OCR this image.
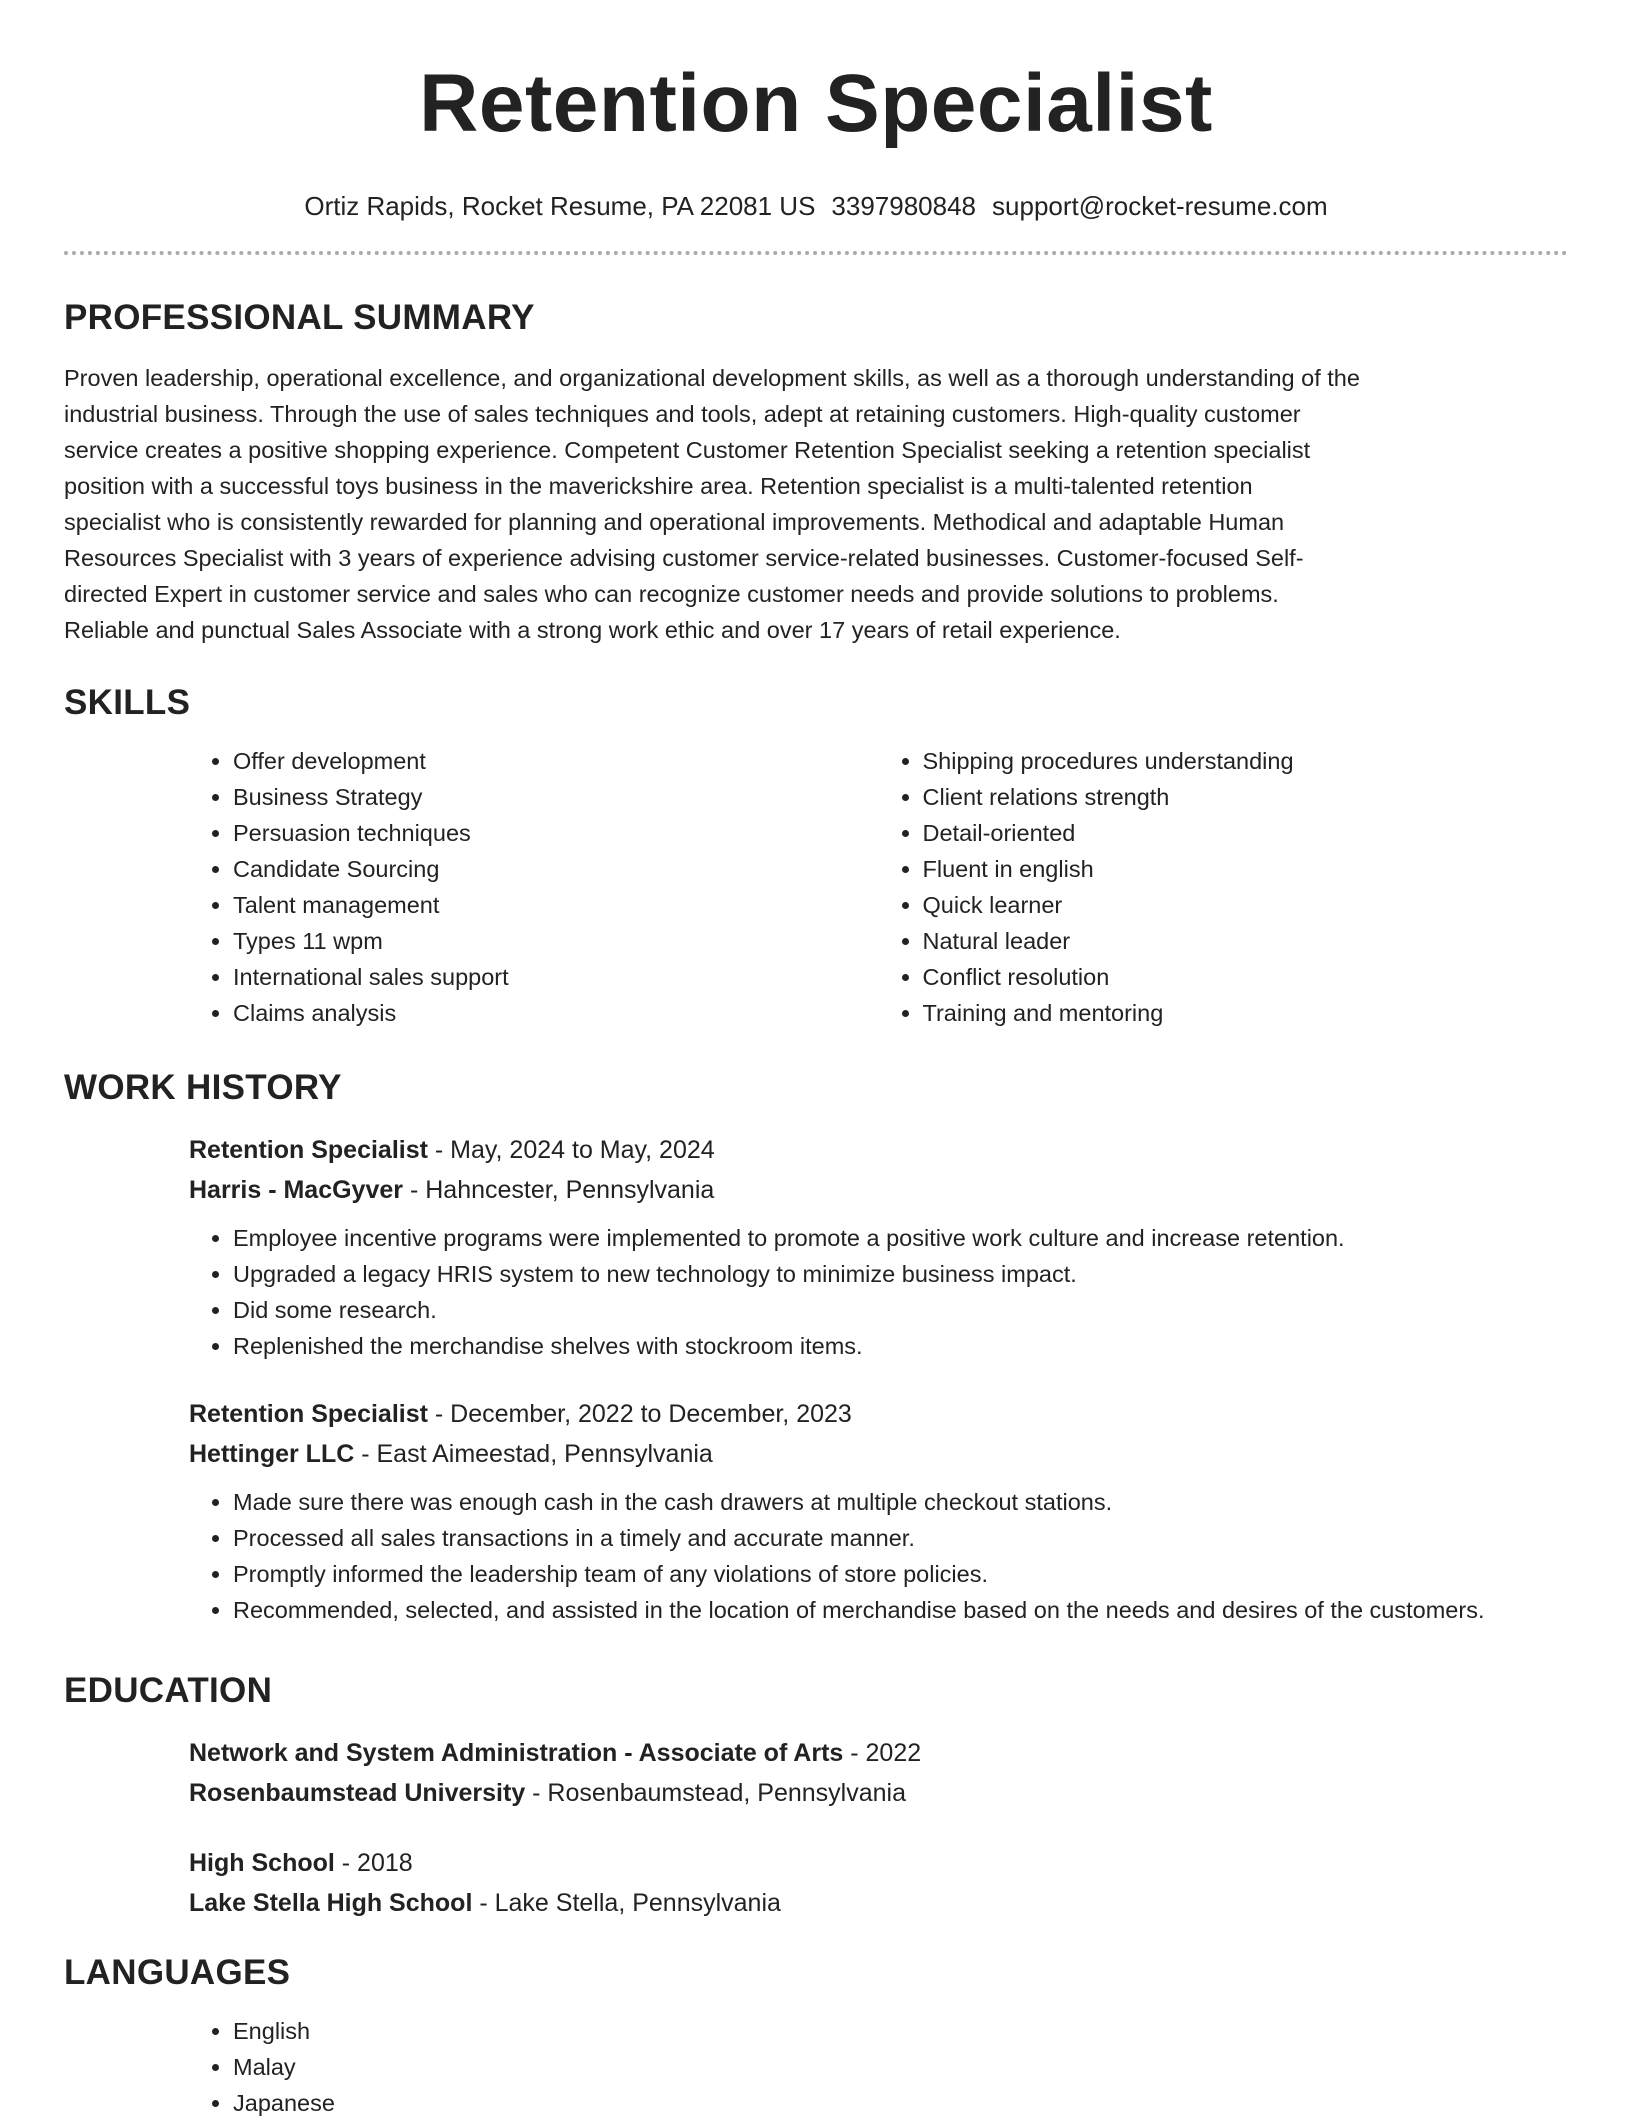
Retention Specialist
Ortiz Rapids, Rocket Resume, PA 22081 US 3397980848 support@rocket-resume.com
PROFESSIONAL SUMMARY
Proven leadership, operational excellence, and organizational development skills, as well as a thorough understanding of the
industrial business. Through the use of sales techniques and tools, adept at retaining customers. High-quality customer
service creates a positive shopping experience. Competent Customer Retention Specialist seeking a retention specialist
position with a successful toys business in the maverickshire area. Retention specialist is a multi-talented retention
specialist who is consistently rewarded for planning and operational improvements. Methodical and adaptable Human
Resources Specialist with 3 years of experience advising customer service-related businesses. Customer-focused Self-
directed Expert in customer service and sales who can recognize customer needs and provide solutions to problems.
Reliable and punctual Sales Associate with a strong work ethic and over 17 years of retail experience.
SKILLS
• Offer development
• Business Strategy
• Persuasion techniques
• Candidate Sourcing
• Talent management
• Types 11 wpm
• International sales support
• Claims analysis
• Shipping procedures understanding
• Client relations strength
• Detail-oriented
• Fluent in english
• Quick learner
• Natural leader
• Conflict resolution
• Training and mentoring
WORK HISTORY
Retention Specialist - May, 2024 to May, 2024
Harris - MacGyver - Hahncester, Pennsylvania
• Employee incentive programs were implemented to promote a positive work culture and increase retention.
• Upgraded a legacy HRIS system to new technology to minimize business impact.
• Did some research.
• Replenished the merchandise shelves with stockroom items.
Retention Specialist - December, 2022 to December, 2023
Hettinger LLC - East Aimeestad, Pennsylvania
• Made sure there was enough cash in the cash drawers at multiple checkout stations.
• Processed all sales transactions in a timely and accurate manner.
• Promptly informed the leadership team of any violations of store policies.
• Recommended, selected, and assisted in the location of merchandise based on the needs and desires of the customers.
EDUCATION
Network and System Administration - Associate of Arts - 2022
Rosenbaumstead University - Rosenbaumstead, Pennsylvania
High School - 2018
Lake Stella High School - Lake Stella, Pennsylvania
LANGUAGES
• English
• Malay
• Japanese
